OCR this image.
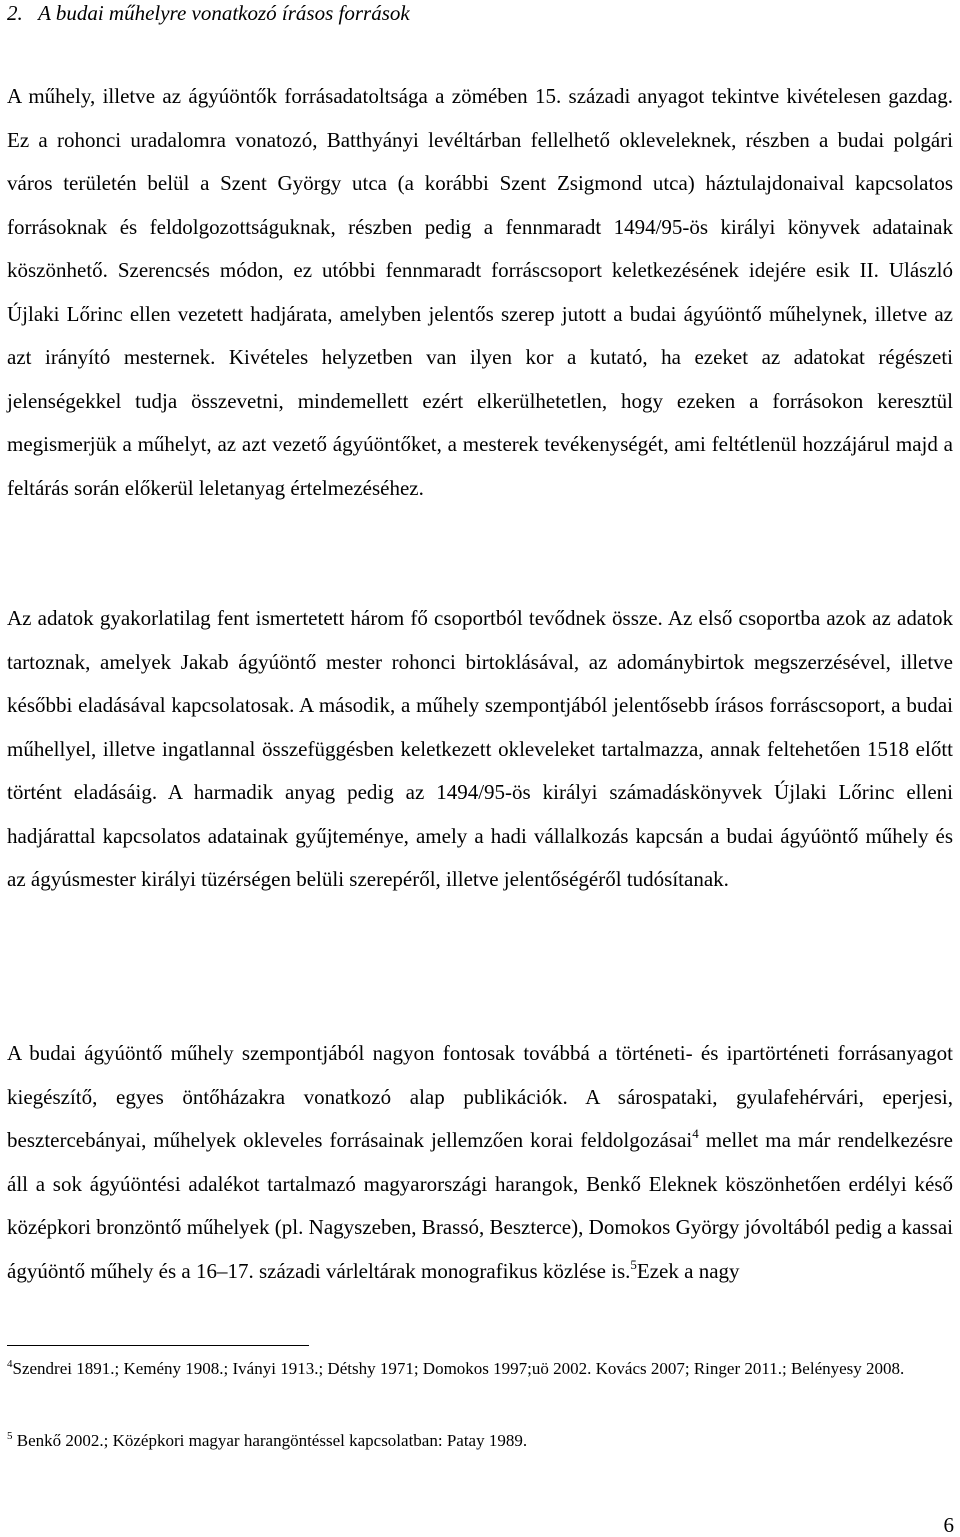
2. A budai műhelyre vonatkozó írásos források

A műhely, illetve az ágyúöntők forrásadatoltsága a zömében 15. századi anyagot tekintve kivételesen gazdag. Ez a rohonci uradalomra vonatozó, Batthyányi levéltárban fellelhető okleveleknek, részben a budai polgári város területén belül a Szent György utca (a korábbi Szent Zsigmond utca) háztulajdonaival kapcsolatos forrásoknak és feldolgozottságuknak, részben pedig a fennmaradt 1494/95-ös királyi könyvek adatainak köszönhető. Szerencsés módon, ez utóbbi fennmaradt forráscsoport keletkezésének idejére esik II. Ulászló Újlaki Lőrinc ellen vezetett hadjárata, amelyben jelentős szerep jutott a budai ágyúöntő műhelynek, illetve az azt irányító mesternek. Kivételes helyzetben van ilyen kor a kutató, ha ezeket az adatokat régészeti jelenségekkel tudja összevetni, mindemellett ezért elkerülhetetlen, hogy ezeken a forrásokon keresztül megismerjük a műhelyt, az azt vezető ágyúöntőket, a mesterek tevékenységét, ami feltétlenül hozzájárul majd a feltárás során előkerül leletanyag értelmezéséhez.

Az adatok gyakorlatilag fent ismertetett három fő csoportból tevődnek össze. Az első csoportba azok az adatok tartoznak, amelyek Jakab ágyúöntő mester rohonci birtoklásával, az adománybirtok megszerzésével, illetve későbbi eladásával kapcsolatosak. A második, a műhely szempontjából jelentősebb írásos forráscsoport, a budai műhellyel, illetve ingatlannal összefüggésben keletkezett okleveleket tartalmazza, annak feltehetően 1518 előtt történt eladásáig. A harmadik anyag pedig az 1494/95-ös királyi számadáskönyvek Újlaki Lőrinc elleni hadjárattal kapcsolatos adatainak gyűjteménye, amely a hadi vállalkozás kapcsán a budai ágyúöntő műhely és az ágyúsmester királyi tüzérségen belüli szerepéről, illetve jelentőségéről tudósítanak.

A budai ágyúöntő műhely szempontjából nagyon fontosak továbbá a történeti- és ipartörténeti forrásanyagot kiegészítő, egyes öntőházakra vonatkozó alap publikációk. A sárospataki, gyulafehérvári, eperjesi, besztercebányai, műhelyek okleveles forrásainak jellemzően korai feldolgozásai$^4$ mellet ma már rendelkezésre áll a sok ágyúöntési adalékot tartalmazó magyarországi harangok, Benkő Eleknek köszönhetően erdélyi késő középkori bronzöntő műhelyek (pl. Nagyszeben, Brassó, Beszterce), Domokos György jóvoltából pedig a kassai ágyúöntő műhely és a 16–17. századi várleltárak monografikus közlése is.$^5$Ezek a nagy

$^4$Szendrei 1891.; Kemény 1908.; Iványi 1913.; Détshy 1971; Domokos 1997;uö 2002. Kovács 2007; Ringer 2011.; Belényesy 2008.

$^5$ Benkő 2002.; Középkori magyar harangöntéssel kapcsolatban: Patay 1989.

6
